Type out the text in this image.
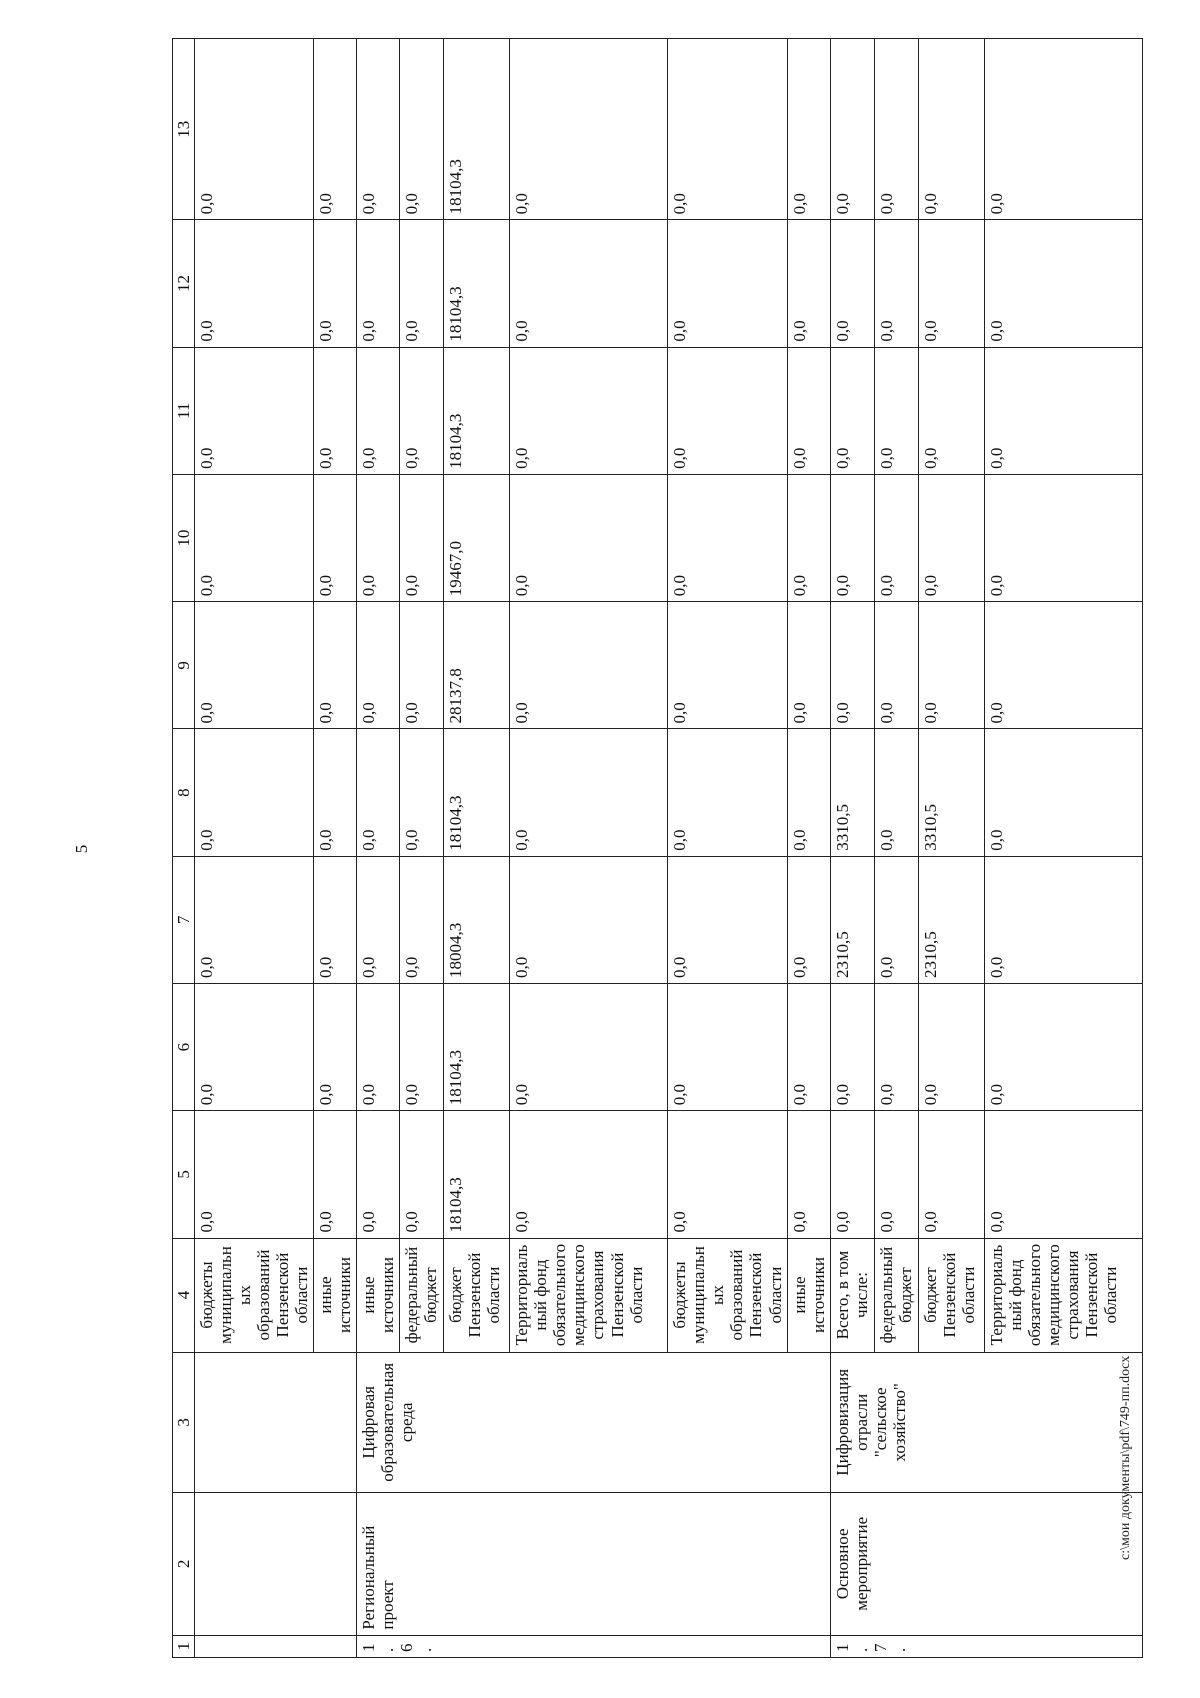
5
1	2	3	4	5	6	7	8	9	10	11	12	13
			бюджеты муниципальных образований Пензенской области	0,0	0,0	0,0	0,0	0,0	0,0	0,0	0,0	0,0
			иные источники	0,0	0,0	0,0	0,0	0,0	0,0	0,0	0,0	0,0
1.6.	Региональный проект	Цифровая образовательная среда	иные источники	0,0	0,0	0,0	0,0	0,0	0,0	0,0	0,0	0,0
			федеральный бюджет	0,0	0,0	0,0	0,0	0,0	0,0	0,0	0,0	0,0
			бюджет Пензенской области	18104,3	18104,3	18004,3	18104,3	28137,8	19467,0	18104,3	18104,3	18104,3
			Территориальный фонд обязательного медицинского страхования Пензенской области	0,0	0,0	0,0	0,0	0,0	0,0	0,0	0,0	0,0
			бюджеты муниципальных образований Пензенской области	0,0	0,0	0,0	0,0	0,0	0,0	0,0	0,0	0,0
			иные источники	0,0	0,0	0,0	0,0	0,0	0,0	0,0	0,0	0,0
1.7.	Основное мероприятие	Цифровизация отрасли "сельское хозяйство"	Всего, в том числе:	0,0	0,0	2310,5	3310,5	0,0	0,0	0,0	0,0	0,0
			федеральный бюджет	0,0	0,0	0,0	0,0	0,0	0,0	0,0	0,0	0,0
			бюджет Пензенской области	0,0	0,0	2310,5	3310,5	0,0	0,0	0,0	0,0	0,0
			Территориальный фонд обязательного медицинского страхования Пензенской области	0,0	0,0	0,0	0,0	0,0	0,0	0,0	0,0	0,0
c:\мои документы\pdf\749-пп.docx
